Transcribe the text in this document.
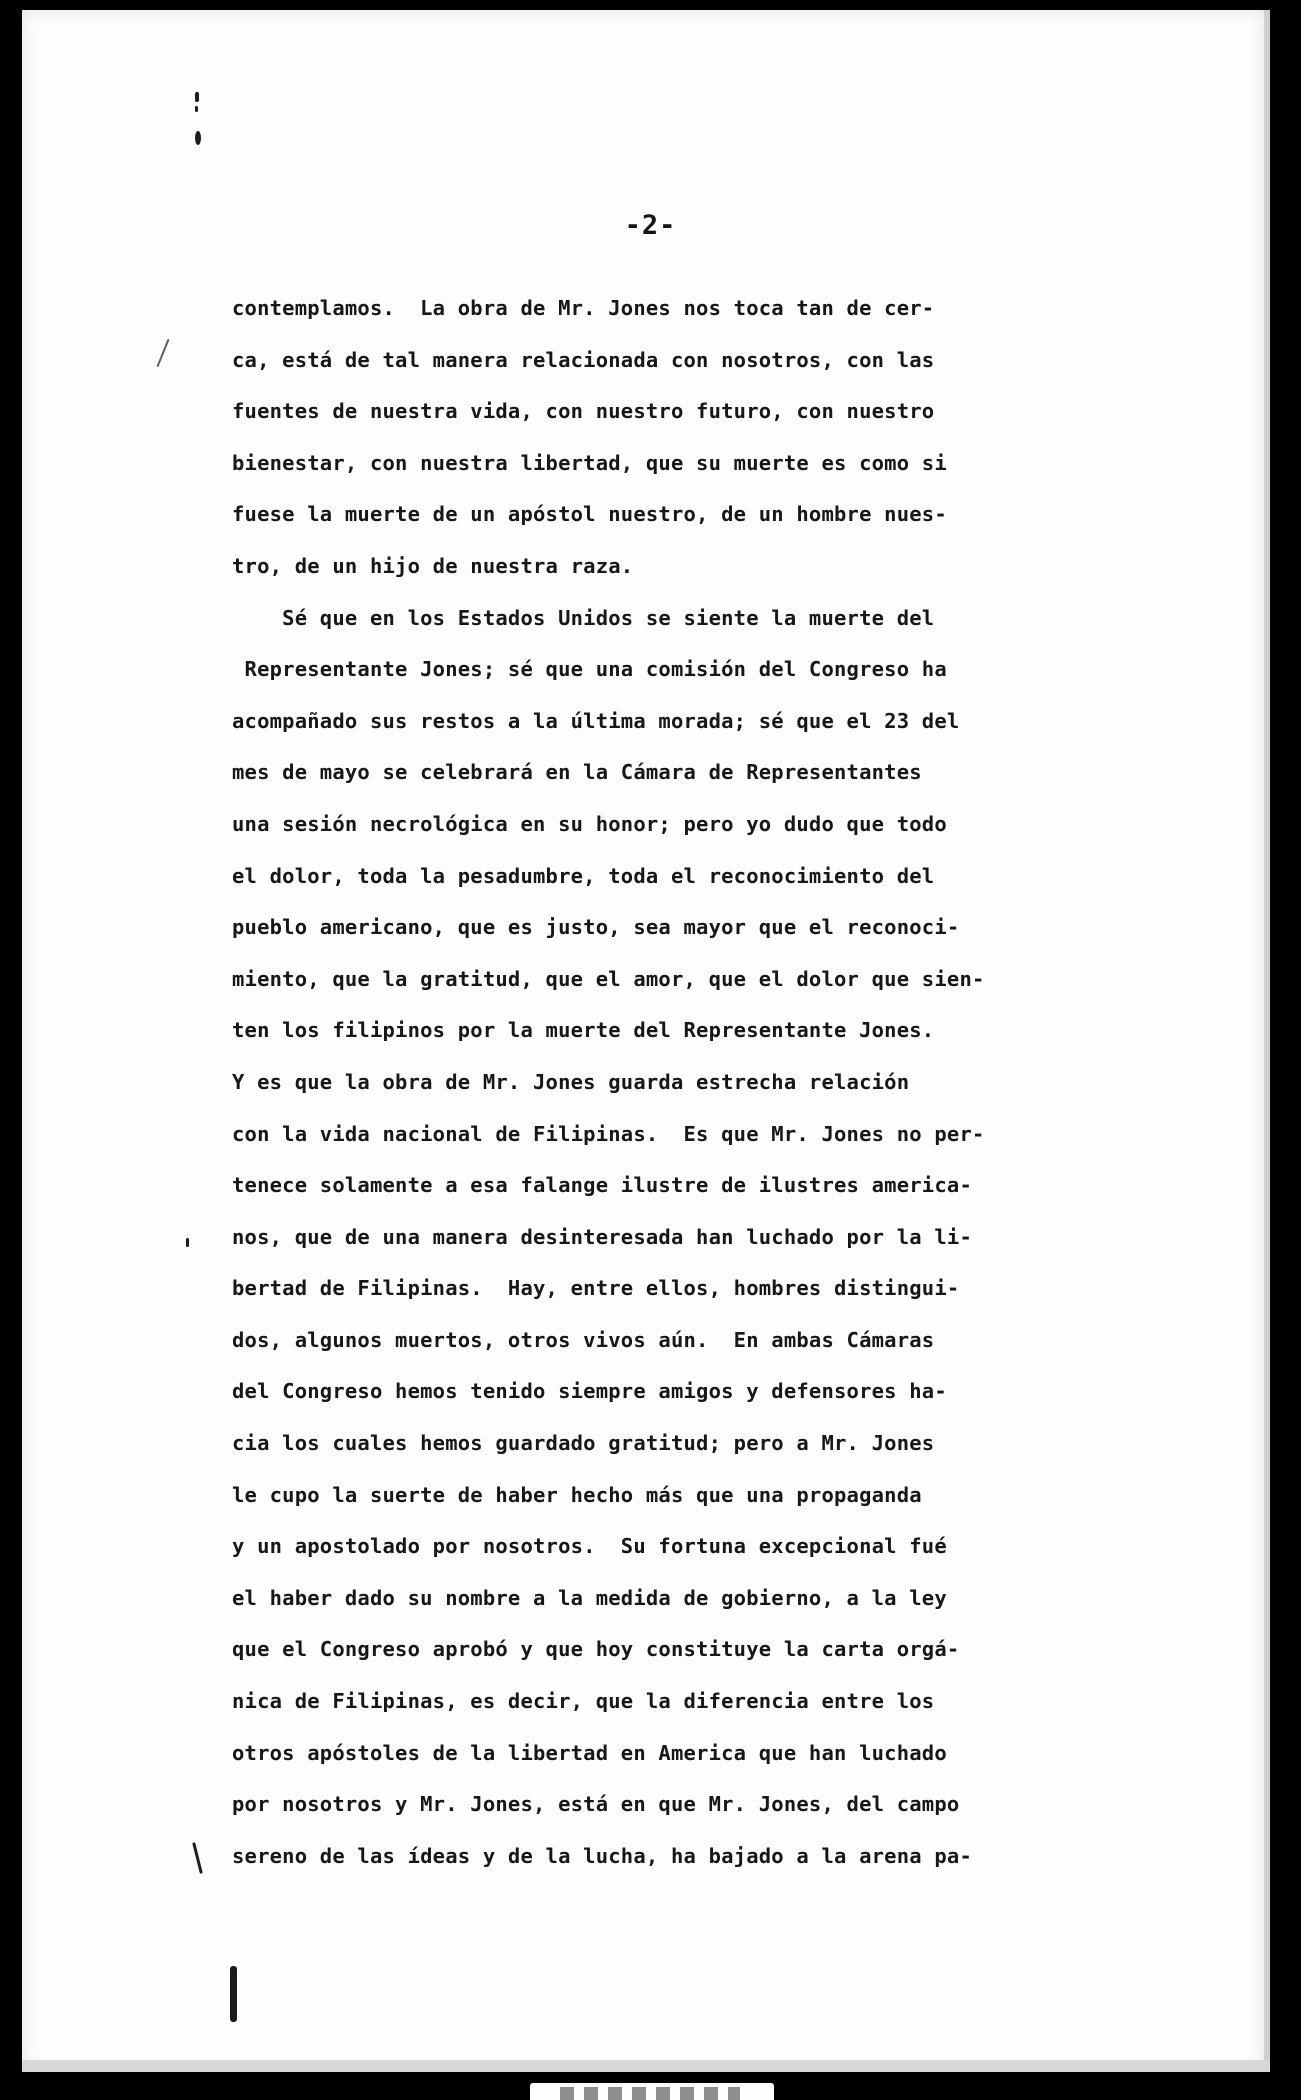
-2-
contemplamos.  La obra de Mr. Jones nos toca tan de cer-
ca, está de tal manera relacionada con nosotros, con las
fuentes de nuestra vida, con nuestro futuro, con nuestro
bienestar, con nuestra libertad, que su muerte es como si
fuese la muerte de un apóstol nuestro, de un hombre nues-
tro, de un hijo de nuestra raza.
Sé que en los Estados Unidos se siente la muerte del
Representante Jones; sé que una comisión del Congreso ha
acompañado sus restos a la última morada; sé que el 23 del
mes de mayo se celebrará en la Cámara de Representantes
una sesión necrológica en su honor; pero yo dudo que todo
el dolor, toda la pesadumbre, toda el reconocimiento del
pueblo americano, que es justo, sea mayor que el reconoci-
miento, que la gratitud, que el amor, que el dolor que sien-
ten los filipinos por la muerte del Representante Jones.
Y es que la obra de Mr. Jones guarda estrecha relación
con la vida nacional de Filipinas.  Es que Mr. Jones no per-
tenece solamente a esa falange ilustre de ilustres america-
nos, que de una manera desinteresada han luchado por la li-
bertad de Filipinas.  Hay, entre ellos, hombres distingui-
dos, algunos muertos, otros vivos aún.  En ambas Cámaras
del Congreso hemos tenido siempre amigos y defensores ha-
cia los cuales hemos guardado gratitud; pero a Mr. Jones
le cupo la suerte de haber hecho más que una propaganda
y un apostolado por nosotros.  Su fortuna excepcional fué
el haber dado su nombre a la medida de gobierno, a la ley
que el Congreso aprobó y que hoy constituye la carta orgá-
nica de Filipinas, es decir, que la diferencia entre los
otros apóstoles de la libertad en America que han luchado
por nosotros y Mr. Jones, está en que Mr. Jones, del campo
sereno de las ídeas y de la lucha, ha bajado a la arena pa-
